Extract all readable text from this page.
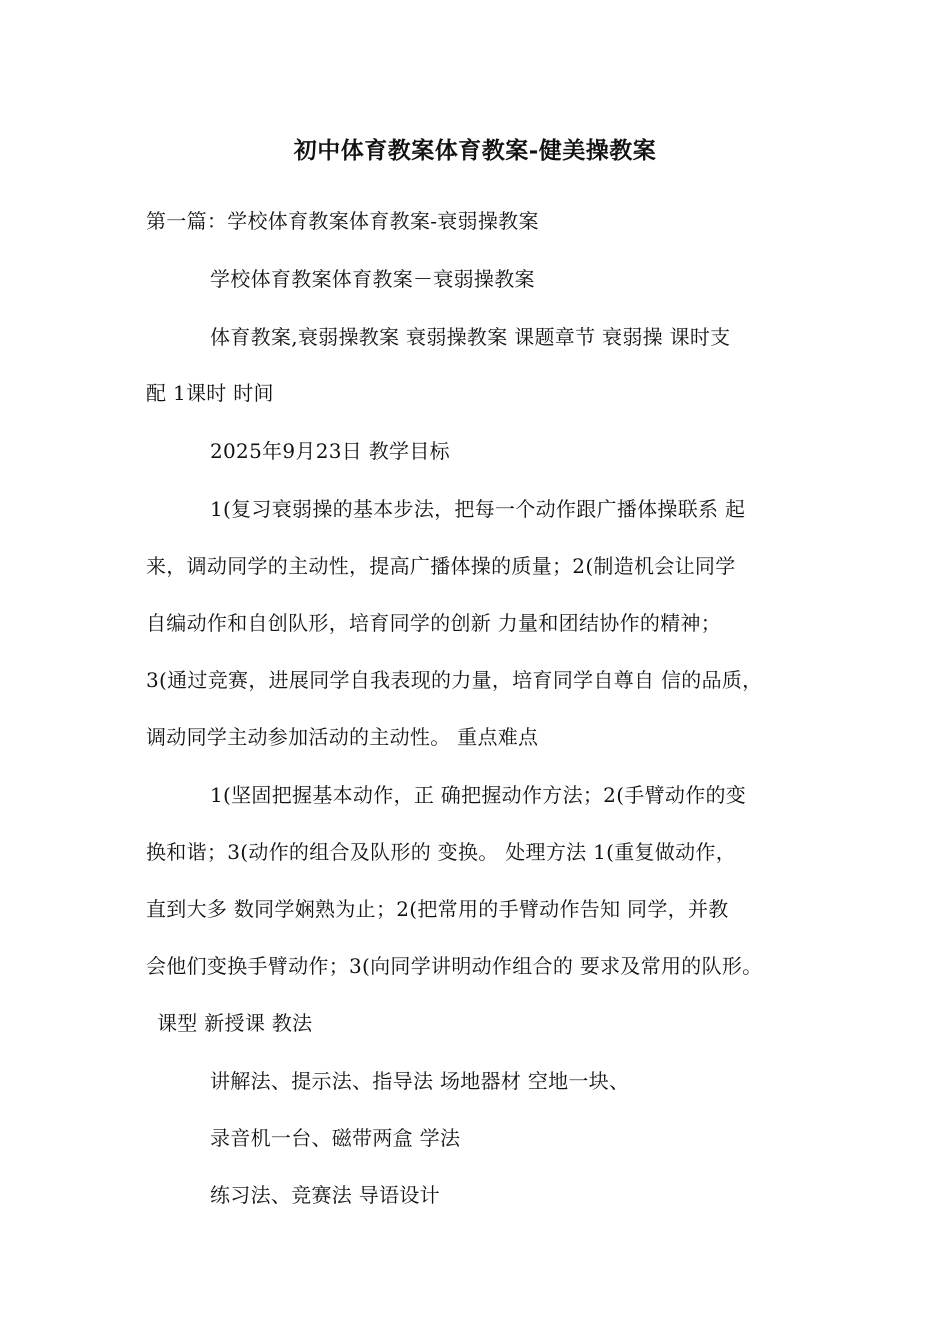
初中体育教案体育教案-健美操教案
第一篇：学校体育教案体育教案-衰弱操教案
学校体育教案体育教案－衰弱操教案
体育教案,衰弱操教案 衰弱操教案 课题章节 衰弱操 课时支
配 1课时 时间
2025年9月23日 教学目标
1(复习衰弱操的基本步法，把每一个动作跟广播体操联系 起
来，调动同学的主动性，提高广播体操的质量；2(制造机会让同学
自编动作和自创队形，培育同学的创新 力量和团结协作的精神；
3(通过竞赛，进展同学自我表现的力量，培育同学自尊自 信的品质，
调动同学主动参加活动的主动性。 重点难点
1(坚固把握基本动作，正 确把握动作方法；2(手臂动作的变
换和谐；3(动作的组合及队形的 变换。 处理方法 1(重复做动作，
直到大多 数同学娴熟为止；2(把常用的手臂动作告知 同学，并教
会他们变换手臂动作；3(向同学讲明动作组合的 要求及常用的队形。
课型 新授课 教法
讲解法、提示法、指导法 场地器材 空地一块、
录音机一台、磁带两盒 学法
练习法、竞赛法 导语设计
